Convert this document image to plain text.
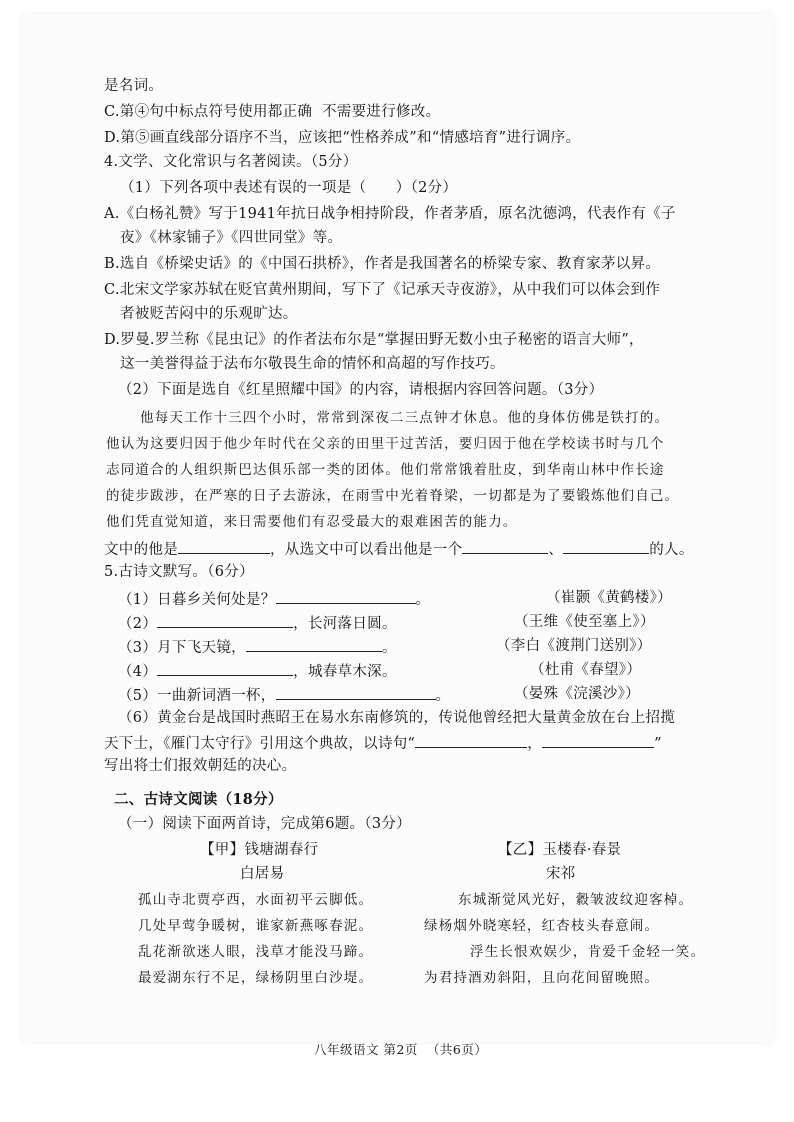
是名词。
C.第④句中标点符号使用都正确  不需要进行修改。
D.第⑤画直线部分语序不当，应该把“性格养成”和“情感培育”进行调序。
4.文学、文化常识与名著阅读。（5分）
（1）下列各项中表述有误的一项是（      ）（2分）
A.《白杨礼赞》写于1941年抗日战争相持阶段，作者茅盾，原名沈德鸿，代表作有《子
夜》《林家铺子》《四世同堂》等。
B.选自《桥梁史话》的《中国石拱桥》，作者是我国著名的桥梁专家、教育家茅以昇。
C.北宋文学家苏轼在贬官黄州期间，写下了《记承天寺夜游》，从中我们可以体会到作
者被贬苦闷中的乐观旷达。
D.罗曼.罗兰称《昆虫记》的作者法布尔是“掌握田野无数小虫子秘密的语言大师”，
这一美誉得益于法布尔敬畏生命的情怀和高超的写作技巧。
（2）下面是选自《红星照耀中国》的内容，请根据内容回答问题。（3分）
他每天工作十三四个小时，常常到深夜二三点钟才休息。他的身体仿佛是铁打的。
他认为这要归因于他少年时代在父亲的田里干过苦活，要归因于他在学校读书时与几个
志同道合的人组织斯巴达俱乐部一类的团体。他们常常饿着肚皮，到华南山林中作长途
的徒步跋涉，在严寒的日子去游泳，在雨雪中光着脊梁，一切都是为了要锻炼他们自己。
他们凭直觉知道，来日需要他们有忍受最大的艰难困苦的能力。
文中的他是	，从选文中可以看出他是一个	、	的人。
5.古诗文默写。（6分）
（1）日暮乡关何处是？	。	（崔颢《黄鹤楼》）
（2）	，长河落日圆。	（王维《使至塞上》）
（3）月下飞天镜，	。	（李白《渡荆门送别》）
（4）	，城春草木深。	（杜甫《春望》）
（5）一曲新词酒一杯，	。	（晏殊《浣溪沙》）
（6）黄金台是战国时燕昭王在易水东南修筑的，传说他曾经把大量黄金放在台上招揽
天下士，《雁门太守行》引用这个典故，以诗句“	，	”
写出将士们报效朝廷的决心。
二、古诗文阅读（18分）
（一）阅读下面两首诗，完成第6题。（3分）
【甲】钱塘湖春行
白居易
孤山寺北贾亭西，水面初平云脚低。
几处早莺争暖树，谁家新燕啄春泥。
乱花渐欲迷人眼，浅草才能没马蹄。
最爱湖东行不足，绿杨阴里白沙堤。
【乙】玉楼春·春景
宋祁
东城渐觉风光好，縠皱波纹迎客棹。
绿杨烟外晓寒轻，红杏枝头春意闹。
浮生长恨欢娱少，肯爱千金轻一笑。
为君持酒劝斜阳，且向花间留晚照。
八年级语文 第2页  （共6页）
